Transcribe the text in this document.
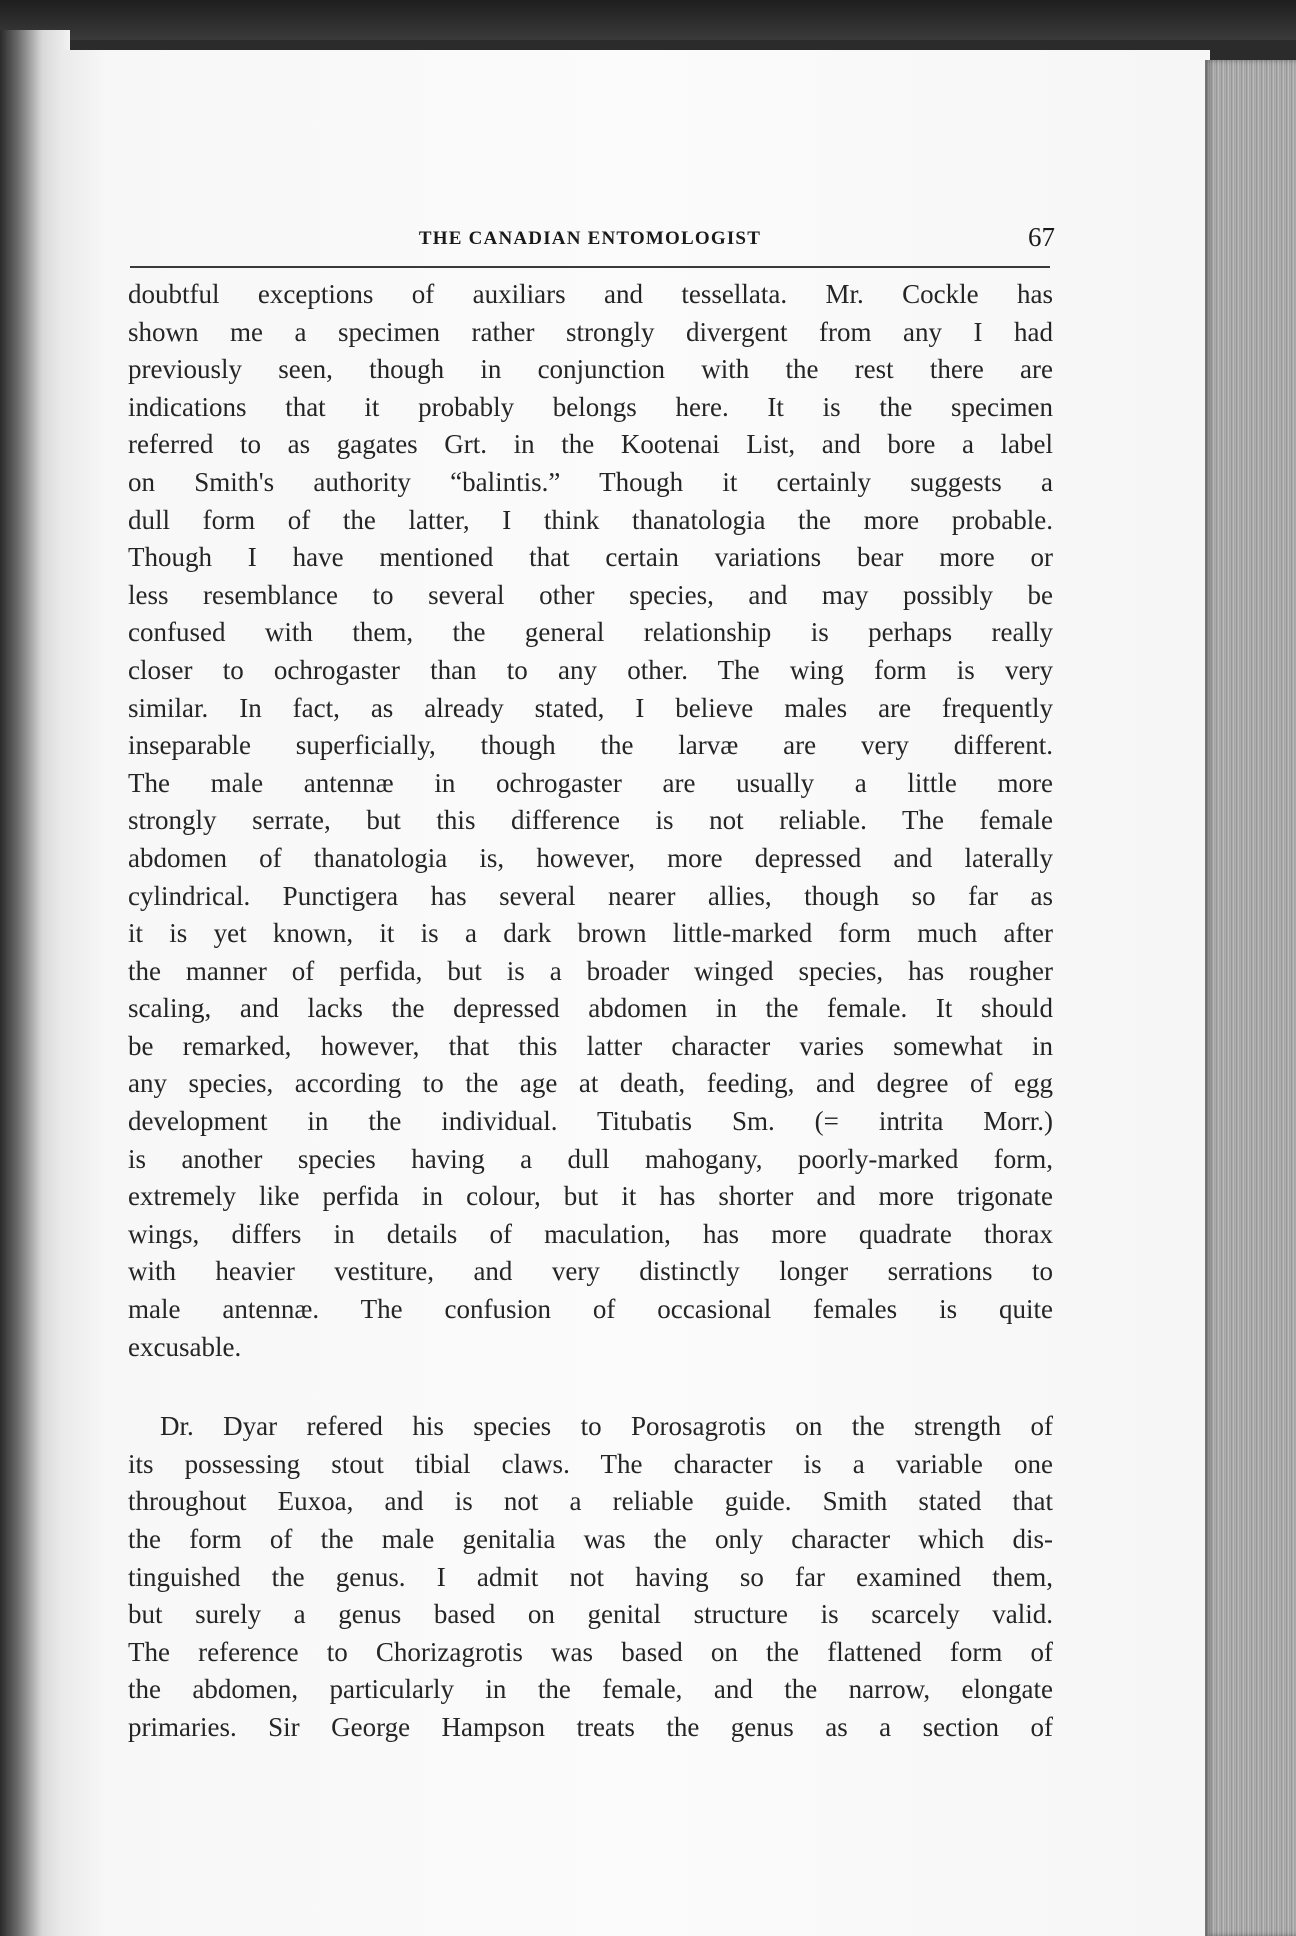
THE CANADIAN ENTOMOLOGIST	67
doubtful exceptions of auxiliars and tessellata. Mr. Cockle has
shown me a specimen rather strongly divergent from any I had
previously seen, though in conjunction with the rest there are
indications that it probably belongs here. It is the specimen
referred to as gagates Grt. in the Kootenai List, and bore a label
on Smith's authority “balintis.” Though it certainly suggests a
dull form of the latter, I think thanatologia the more probable.
Though I have mentioned that certain variations bear more or
less resemblance to several other species, and may possibly be
confused with them, the general relationship is perhaps really
closer to ochrogaster than to any other. The wing form is very
similar. In fact, as already stated, I believe males are frequently
inseparable superficially, though the larvæ are very different.
The male antennæ in ochrogaster are usually a little more
strongly serrate, but this difference is not reliable. The female
abdomen of thanatologia is, however, more depressed and laterally
cylindrical. Punctigera has several nearer allies, though so far as
it is yet known, it is a dark brown little-marked form much after
the manner of perfida, but is a broader winged species, has rougher
scaling, and lacks the depressed abdomen in the female. It should
be remarked, however, that this latter character varies somewhat in
any species, according to the age at death, feeding, and degree of egg
development in the individual. Titubatis Sm. (= intrita Morr.)
is another species having a dull mahogany, poorly-marked form,
extremely like perfida in colour, but it has shorter and more trigonate
wings, differs in details of maculation, has more quadrate thorax
with heavier vestiture, and very distinctly longer serrations to
male antennæ. The confusion of occasional females is quite
excusable.
Dr. Dyar refered his species to Porosagrotis on the strength of
its possessing stout tibial claws. The character is a variable one
throughout Euxoa, and is not a reliable guide. Smith stated that
the form of the male genitalia was the only character which dis-
tinguished the genus. I admit not having so far examined them,
but surely a genus based on genital structure is scarcely valid.
The reference to Chorizagrotis was based on the flattened form of
the abdomen, particularly in the female, and the narrow, elongate
primaries. Sir George Hampson treats the genus as a section of
